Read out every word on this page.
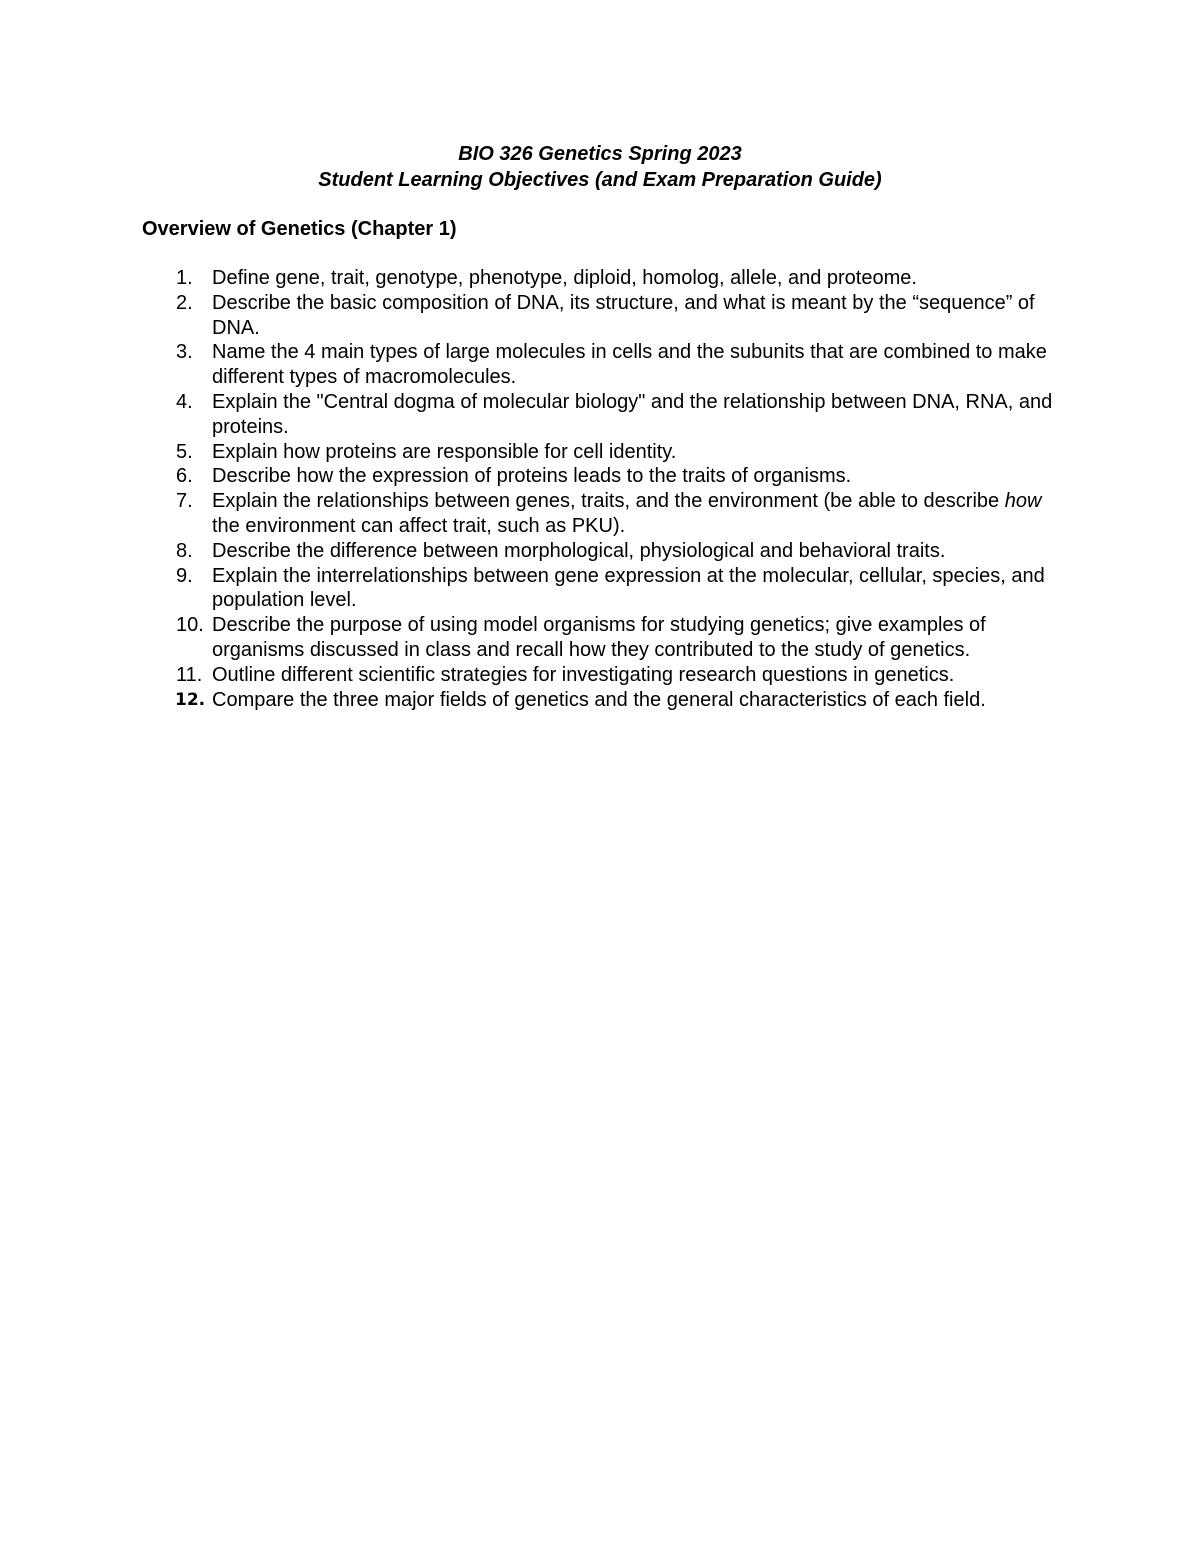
BIO 326 Genetics Spring 2023
Student Learning Objectives (and Exam Preparation Guide)
Overview of Genetics (Chapter 1)
1. Define gene, trait, genotype, phenotype, diploid, homolog, allele, and proteome.
2. Describe the basic composition of DNA, its structure, and what is meant by the “sequence” of DNA.
3. Name the 4 main types of large molecules in cells and the subunits that are combined to make different types of macromolecules.
4. Explain the "Central dogma of molecular biology" and the relationship between DNA, RNA, and proteins.
5. Explain how proteins are responsible for cell identity.
6. Describe how the expression of proteins leads to the traits of organisms.
7. Explain the relationships between genes, traits, and the environment (be able to describe how the environment can affect trait, such as PKU).
8. Describe the difference between morphological, physiological and behavioral traits.
9. Explain the interrelationships between gene expression at the molecular, cellular, species, and population level.
10. Describe the purpose of using model organisms for studying genetics; give examples of organisms discussed in class and recall how they contributed to the study of genetics.
11. Outline different scientific strategies for investigating research questions in genetics.
12. Compare the three major fields of genetics and the general characteristics of each field.
